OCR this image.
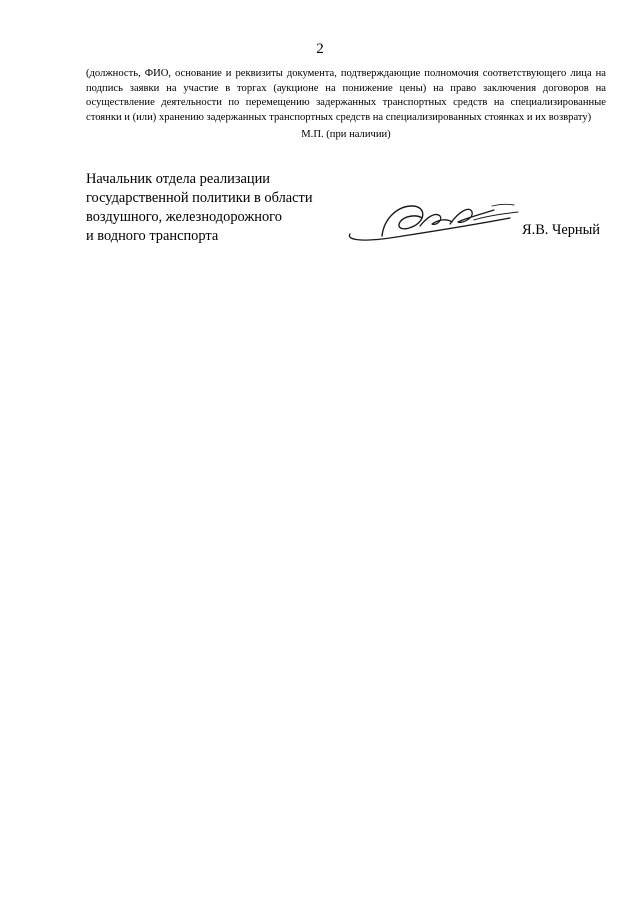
2

(должность, ФИО, основание и реквизиты документа, подтверждающие полномочия соответствующего лица на подпись заявки на участие в торгах (аукционе на понижение цены) на право заключения договоров на осуществление деятельности по перемещению задержанных транспортных средств на специализированные стоянки и (или) хранению задержанных транспортных средств на специализированных стоянках и их возврату)

М.П. (при наличии)
Начальник отдела реализации
государственной политики в области
воздушного, железнодорожного
и водного транспорта	Я.В. Черный
